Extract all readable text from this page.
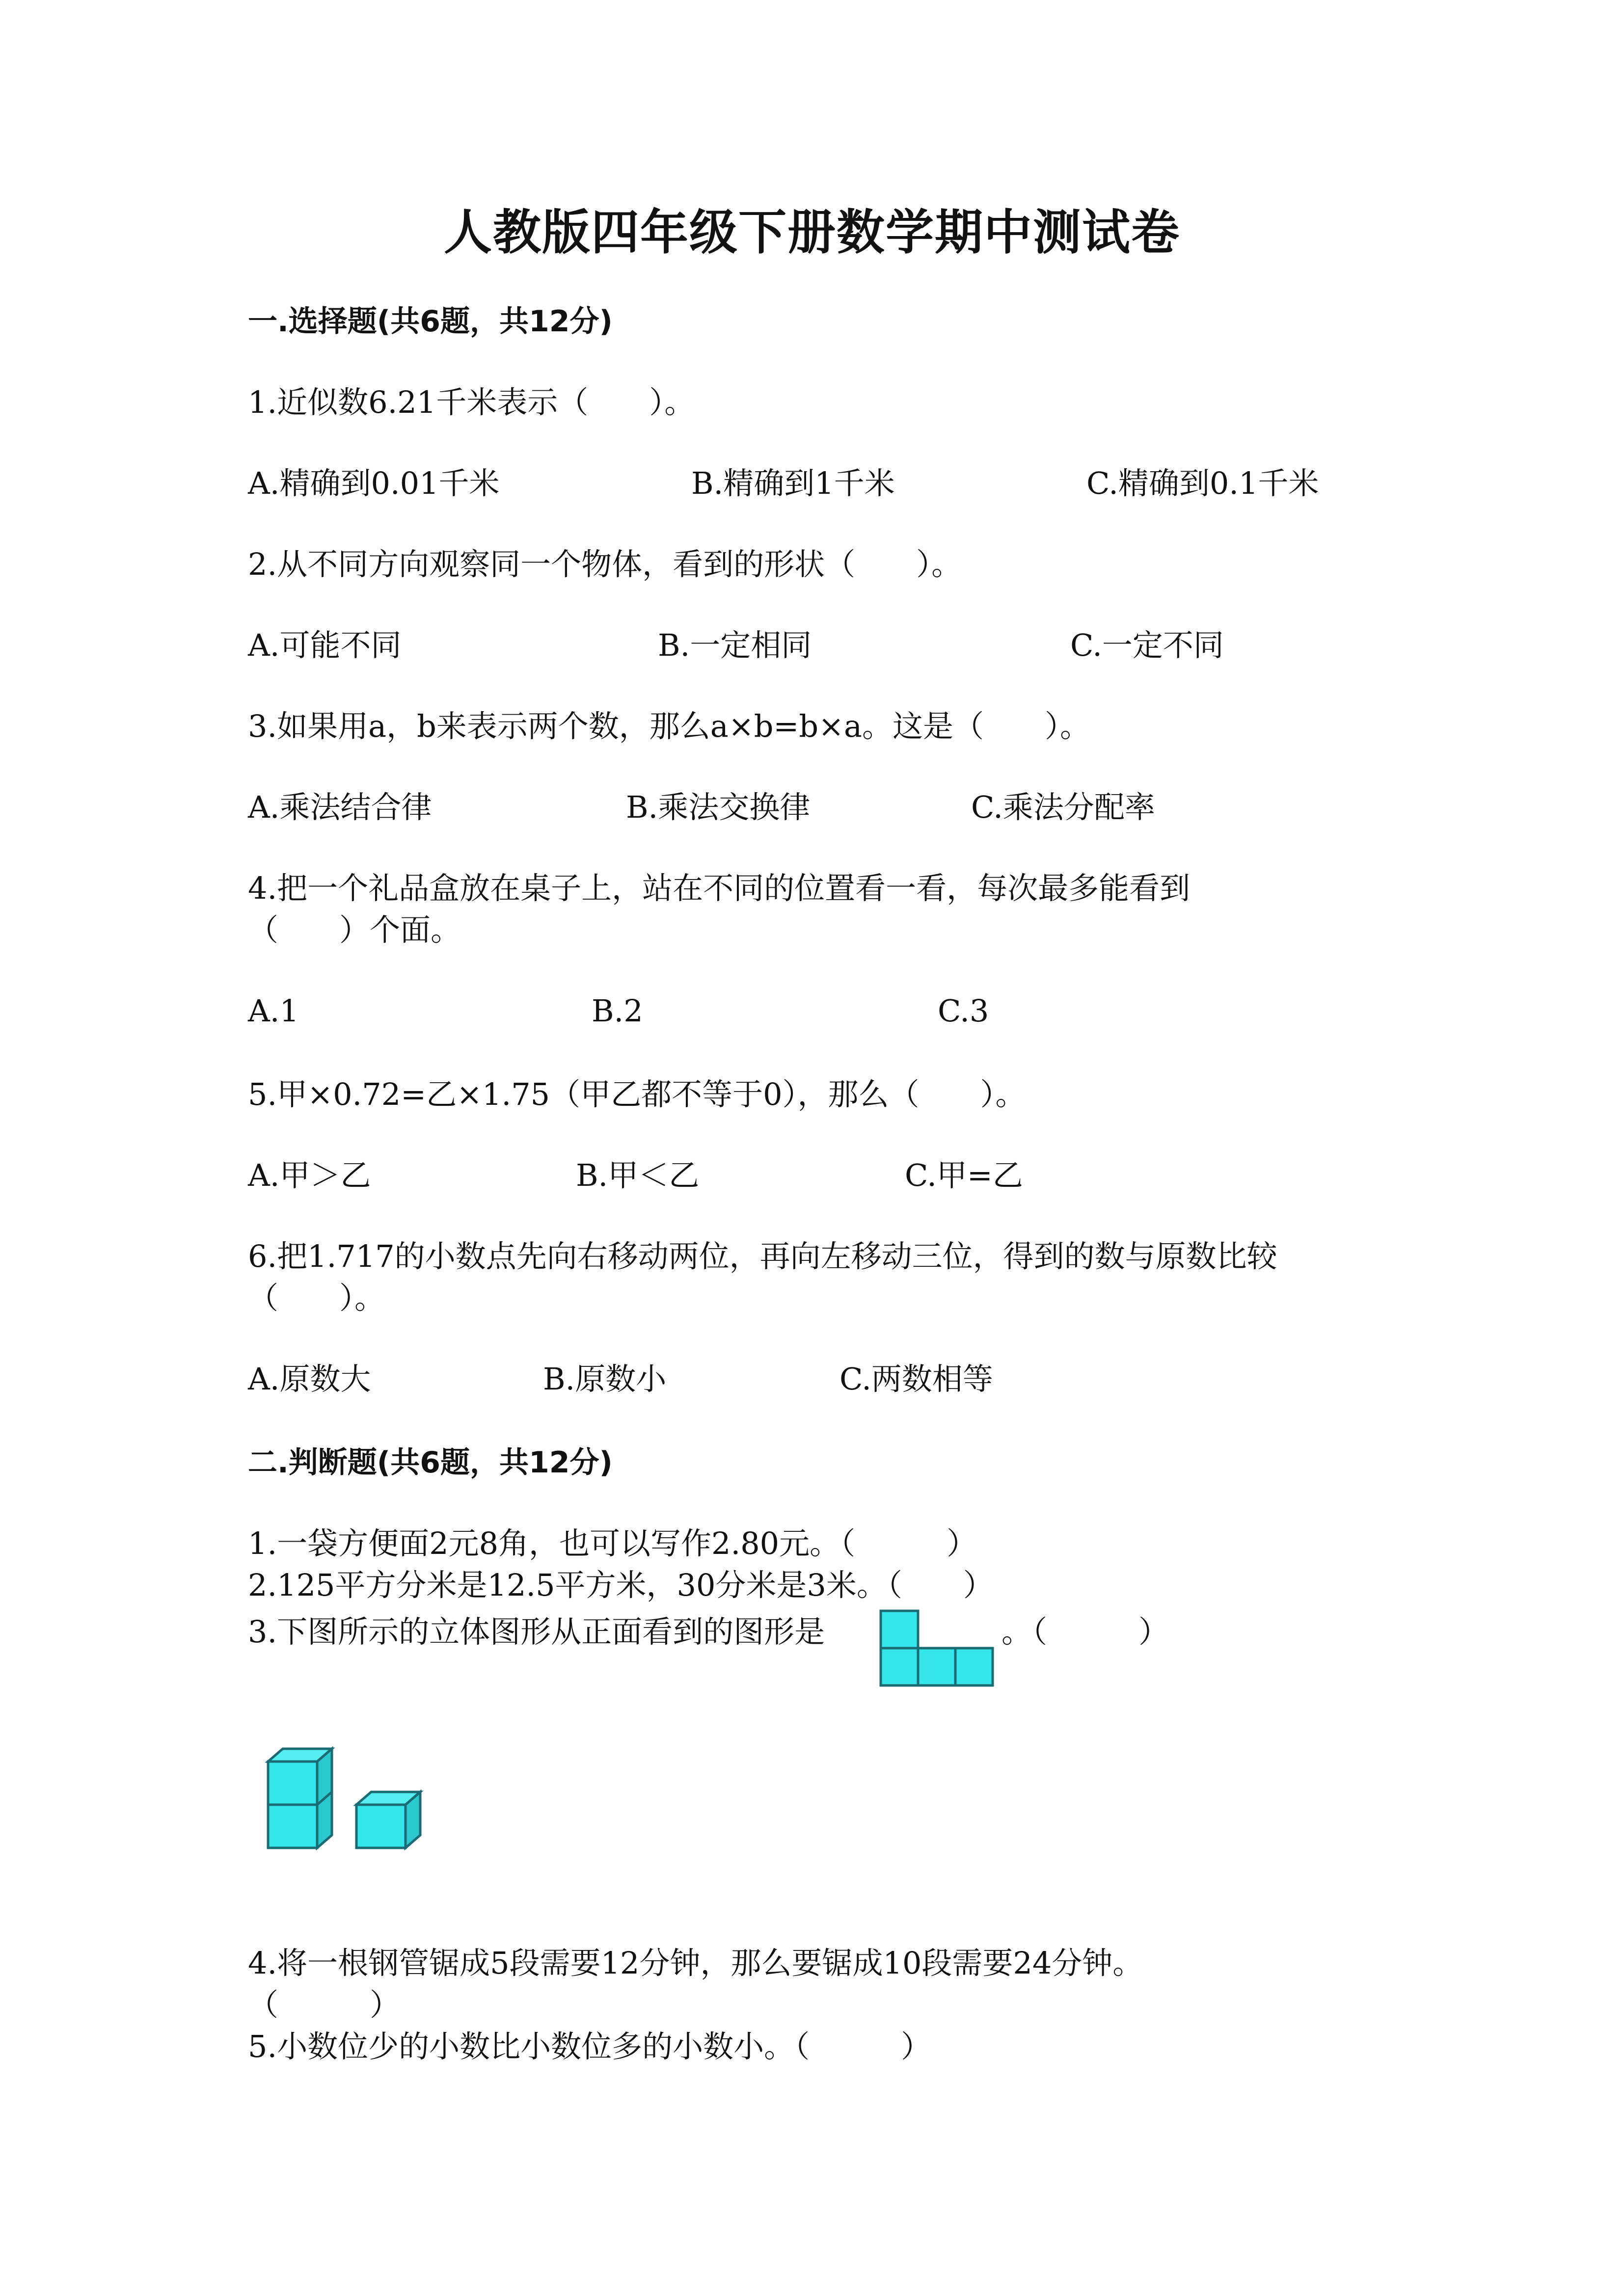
人教版四年级下册数学期中测试卷
一.选择题(共6题，共12分)
1.近似数6.21千米表示（　　）。
A.精确到0.01千米	B.精确到1千米	C.精确到0.1千米
2.从不同方向观察同一个物体，看到的形状（　　）。
A.可能不同	B.一定相同	C.一定不同
3.如果用a，b来表示两个数，那么a×b=b×a。这是（　　）。
A.乘法结合律	B.乘法交换律	C.乘法分配率
4.把一个礼品盒放在桌子上，站在不同的位置看一看，每次最多能看到
（　　）个面。
A.1	B.2	C.3
5.甲×0.72=乙×1.75（甲乙都不等于0），那么（　　）。
A.甲＞乙	B.甲＜乙	C.甲=乙
6.把1.717的小数点先向右移动两位，再向左移动三位，得到的数与原数比较
（　　）。
A.原数大	B.原数小	C.两数相等
二.判断题(共6题，共12分)
1.一袋方便面2元8角，也可以写作2.80元。（　　　）
2.125平方分米是12.5平方米，30分米是3米。（　　）
3.下图所示的立体图形从正面看到的图形是	。（　　　）
4.将一根钢管锯成5段需要12分钟，那么要锯成10段需要24分钟。
（　　　）
5.小数位少的小数比小数位多的小数小。（　　　）
